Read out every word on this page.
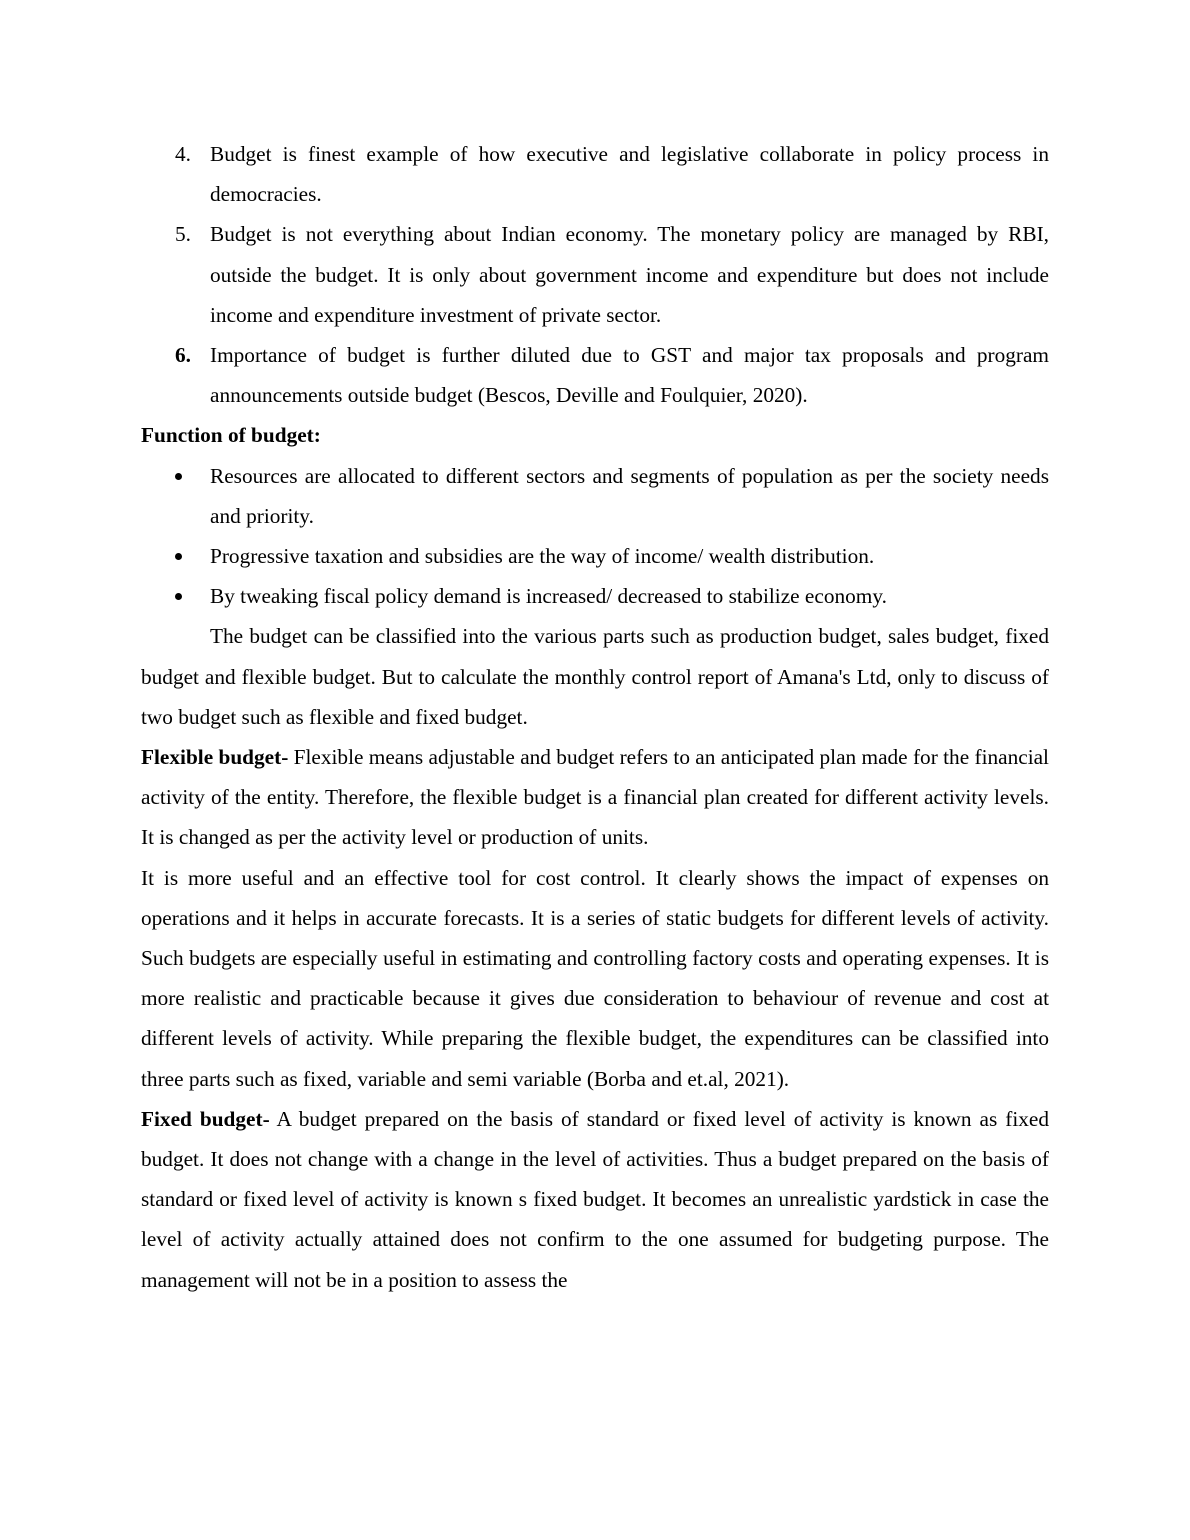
4. Budget is finest example of how executive and legislative collaborate in policy process in democracies.
5. Budget is not everything about Indian economy. The monetary policy are managed by RBI, outside the budget. It is only about government income and expenditure but does not include income and expenditure investment of private sector.
6. Importance of budget is further diluted due to GST and major tax proposals and program announcements outside budget (Bescos, Deville and Foulquier, 2020).

Function of budget:

Resources are allocated to different sectors and segments of population as per the society needs and priority.
Progressive taxation and subsidies are the way of income/ wealth distribution.
By tweaking fiscal policy demand is increased/ decreased to stabilize economy.

The budget can be classified into the various parts such as production budget, sales budget, fixed budget and flexible budget. But to calculate the monthly control report of Amana's Ltd, only to discuss of two budget such as flexible and fixed budget.

Flexible budget- Flexible means adjustable and budget refers to an anticipated plan made for the financial activity of the entity. Therefore, the flexible budget is a financial plan created for different activity levels. It is changed as per the activity level or production of units.

It is more useful and an effective tool for cost control. It clearly shows the impact of expenses on operations and it helps in accurate forecasts. It is a series of static budgets for different levels of activity. Such budgets are especially useful in estimating and controlling factory costs and operating expenses. It is more realistic and practicable because it gives due consideration to behaviour of revenue and cost at different levels of activity. While preparing the flexible budget, the expenditures can be classified into three parts such as fixed, variable and semi variable (Borba and et.al, 2021).

Fixed budget- A budget prepared on the basis of standard or fixed level of activity is known as fixed budget. It does not change with a change in the level of activities. Thus a budget prepared on the basis of standard or fixed level of activity is known s fixed budget. It becomes an unrealistic yardstick in case the level of activity actually attained does not confirm to the one assumed for budgeting purpose. The management will not be in a position to assess the
